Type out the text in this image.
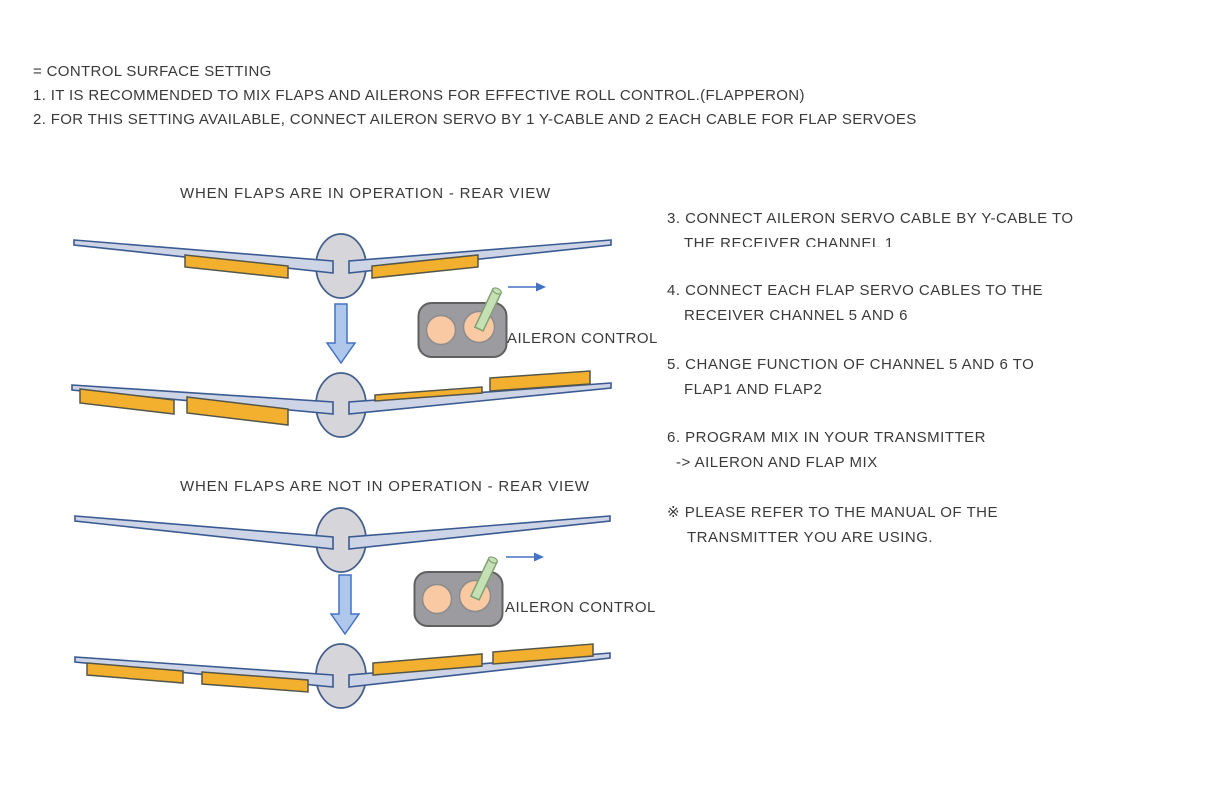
= CONTROL SURFACE SETTING
1. IT IS RECOMMENDED TO MIX FLAPS AND AILERONS FOR EFFECTIVE ROLL CONTROL.(FLAPPERON)
2. FOR THIS SETTING AVAILABLE, CONNECT AILERON SERVO BY 1 Y-CABLE AND 2 EACH CABLE FOR FLAP SERVOES
WHEN FLAPS ARE IN OPERATION - REAR VIEW
AILERON CONTROL
WHEN FLAPS ARE NOT IN OPERATION - REAR VIEW
AILERON CONTROL
3. CONNECT AILERON SERVO CABLE BY Y-CABLE TO
THE RECEIVER CHANNEL 1
4. CONNECT EACH FLAP SERVO CABLES TO THE
RECEIVER CHANNEL 5 AND 6
5. CHANGE FUNCTION OF CHANNEL 5 AND 6 TO
FLAP1 AND FLAP2
6. PROGRAM MIX IN YOUR TRANSMITTER
-> AILERON AND FLAP MIX
※ PLEASE REFER TO THE MANUAL OF THE
TRANSMITTER YOU ARE USING.
